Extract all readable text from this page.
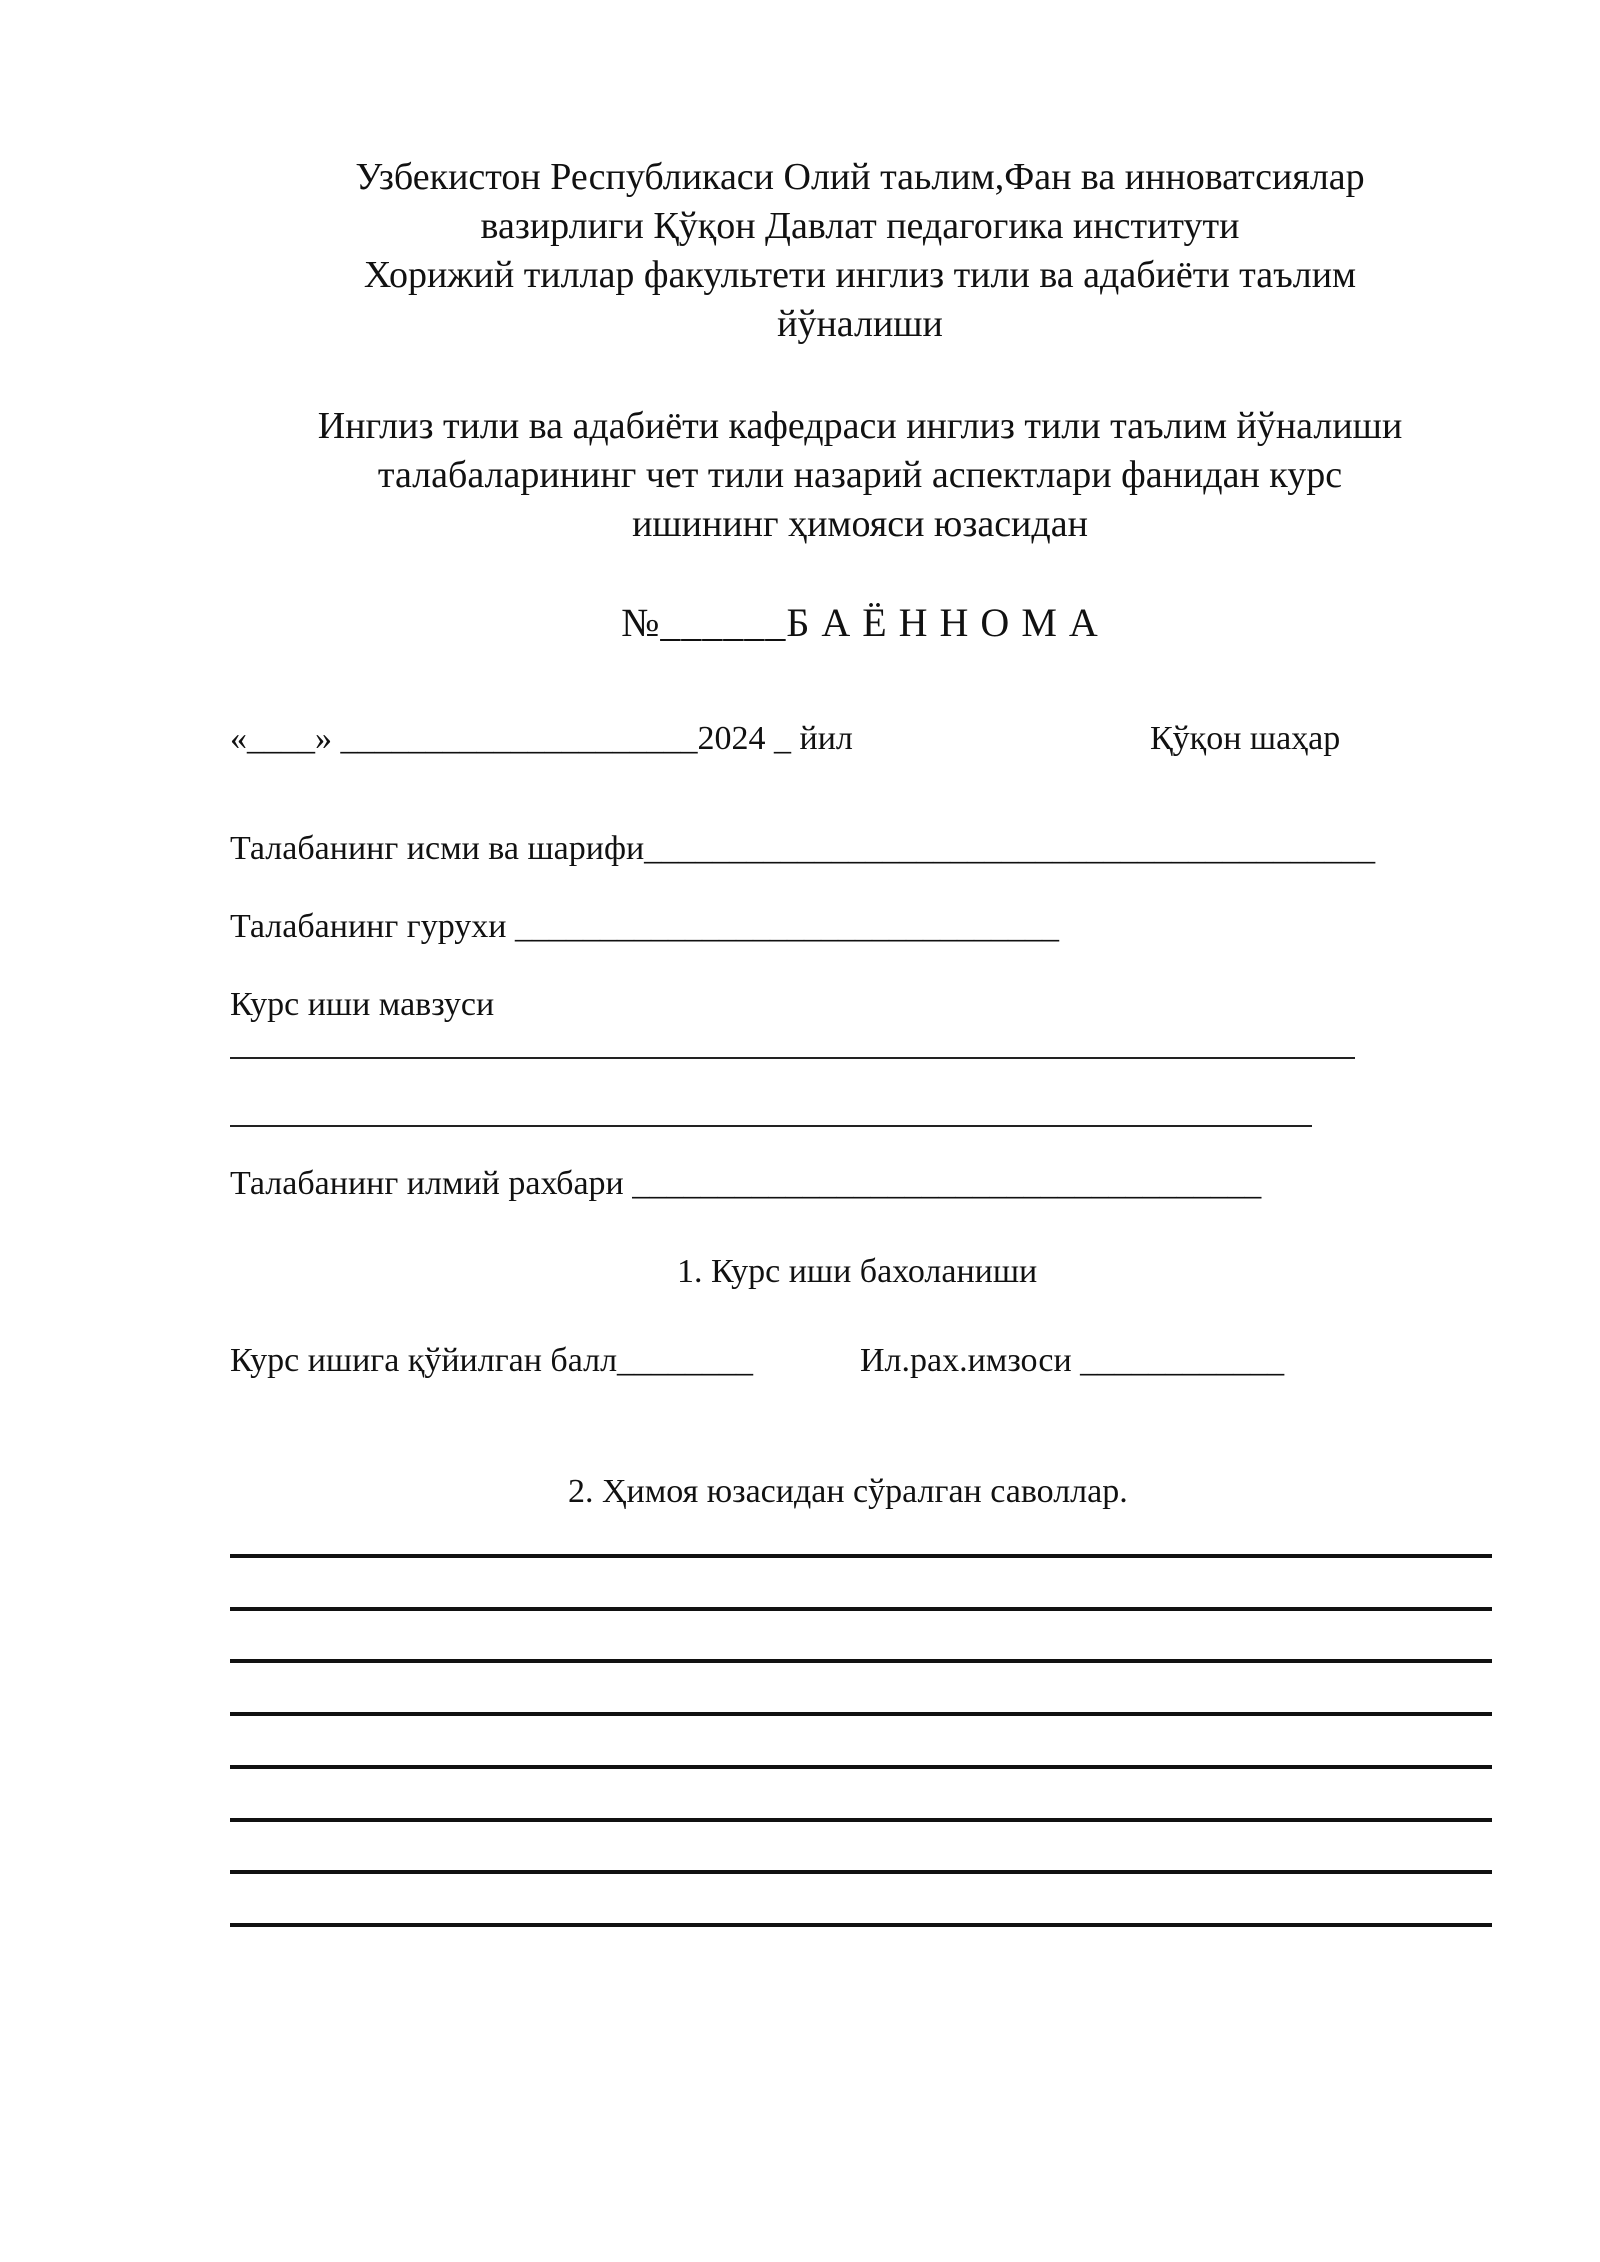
Узбекистон Республикаси Олий таьлим,Фан ва инноватсиялар
вазирлиги Қўқон Давлат педагогика институти
Хорижий тиллар факультети инглиз тили ва адабиёти таълим
йўналиши
Инглиз тили ва адабиёти кафедраси инглиз тили таълим йўналиши
талабаларининг чет тили назарий аспектлари фанидан курс
ишининг ҳимояси юзасидан
№______Б А Ё Н Н О М А
«____» _____________________2024 _ йил	Қўқон шаҳар
Талабанинг исми ва шарифи___________________________________________
Талабанинг гурухи ________________________________
Курс иши мавзуси
Талабанинг илмий рахбари _____________________________________
1. Курс иши бахоланиши
Курс ишига қўйилган балл________	Ил.рах.имзоси ____________
2. Ҳимоя юзасидан сўралган саволлар.
